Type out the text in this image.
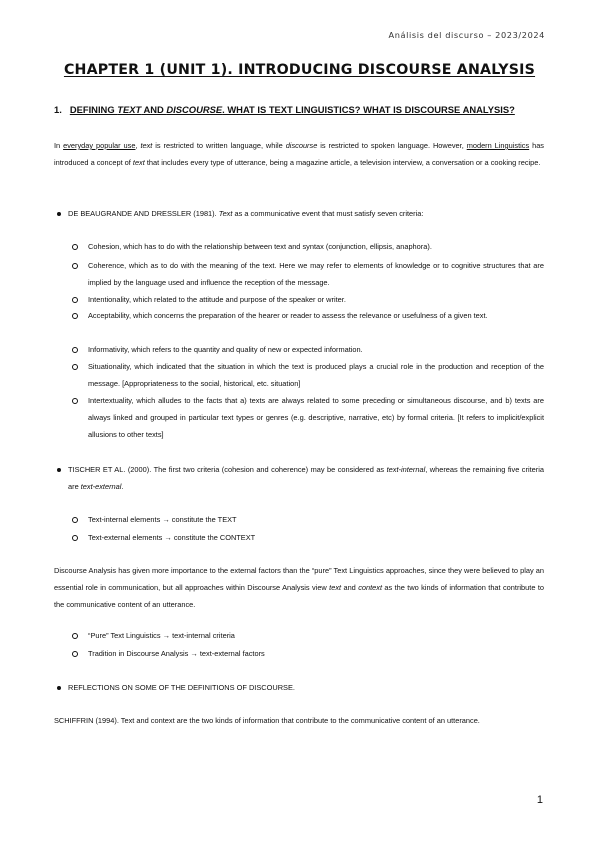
Análisis del discurso – 2023/2024
CHAPTER 1 (UNIT 1). INTRODUCING DISCOURSE ANALYSIS
1. DEFINING TEXT AND DISCOURSE. WHAT IS TEXT LINGUISTICS? WHAT IS DISCOURSE ANALYSIS?
In everyday popular use, text is restricted to written language, while discourse is restricted to spoken language. However, modern Linguistics has introduced a concept of text that includes every type of utterance, being a magazine article, a television interview, a conversation or a cooking recipe.
DE BEAUGRANDE AND DRESSLER (1981). Text as a communicative event that must satisfy seven criteria:
Cohesion, which has to do with the relationship between text and syntax (conjunction, ellipsis, anaphora).
Coherence, which as to do with the meaning of the text. Here we may refer to elements of knowledge or to cognitive structures that are implied by the language used and influence the reception of the message.
Intentionality, which related to the attitude and purpose of the speaker or writer.
Acceptability, which concerns the preparation of the hearer or reader to assess the relevance or usefulness of a given text.
Informativity, which refers to the quantity and quality of new or expected information.
Situationality, which indicated that the situation in which the text is produced plays a crucial role in the production and reception of the message. [Appropriateness to the social, historical, etc. situation]
Intertextuality, which alludes to the facts that a) texts are always related to some preceding or simultaneous discourse, and b) texts are always linked and grouped in particular text types or genres (e.g. descriptive, narrative, etc) by formal criteria. [It refers to implicit/explicit allusions to other texts]
TISCHER ET AL. (2000). The first two criteria (cohesion and coherence) may be considered as text-internal, whereas the remaining five criteria are text-external.
Text-internal elements → constitute the TEXT
Text-external elements → constitute the CONTEXT
Discourse Analysis has given more importance to the external factors than the “pure” Text Linguistics approaches, since they were believed to play an essential role in communication, but all approaches within Discourse Analysis view text and context as the two kinds of information that contribute to the communicative content of an utterance.
“Pure” Text Linguistics → text-internal criteria
Tradition in Discourse Analysis → text-external factors
REFLECTIONS ON SOME OF THE DEFINITIONS OF DISCOURSE.
SCHIFFRIN (1994). Text and context are the two kinds of information that contribute to the communicative content of an utterance.
1
